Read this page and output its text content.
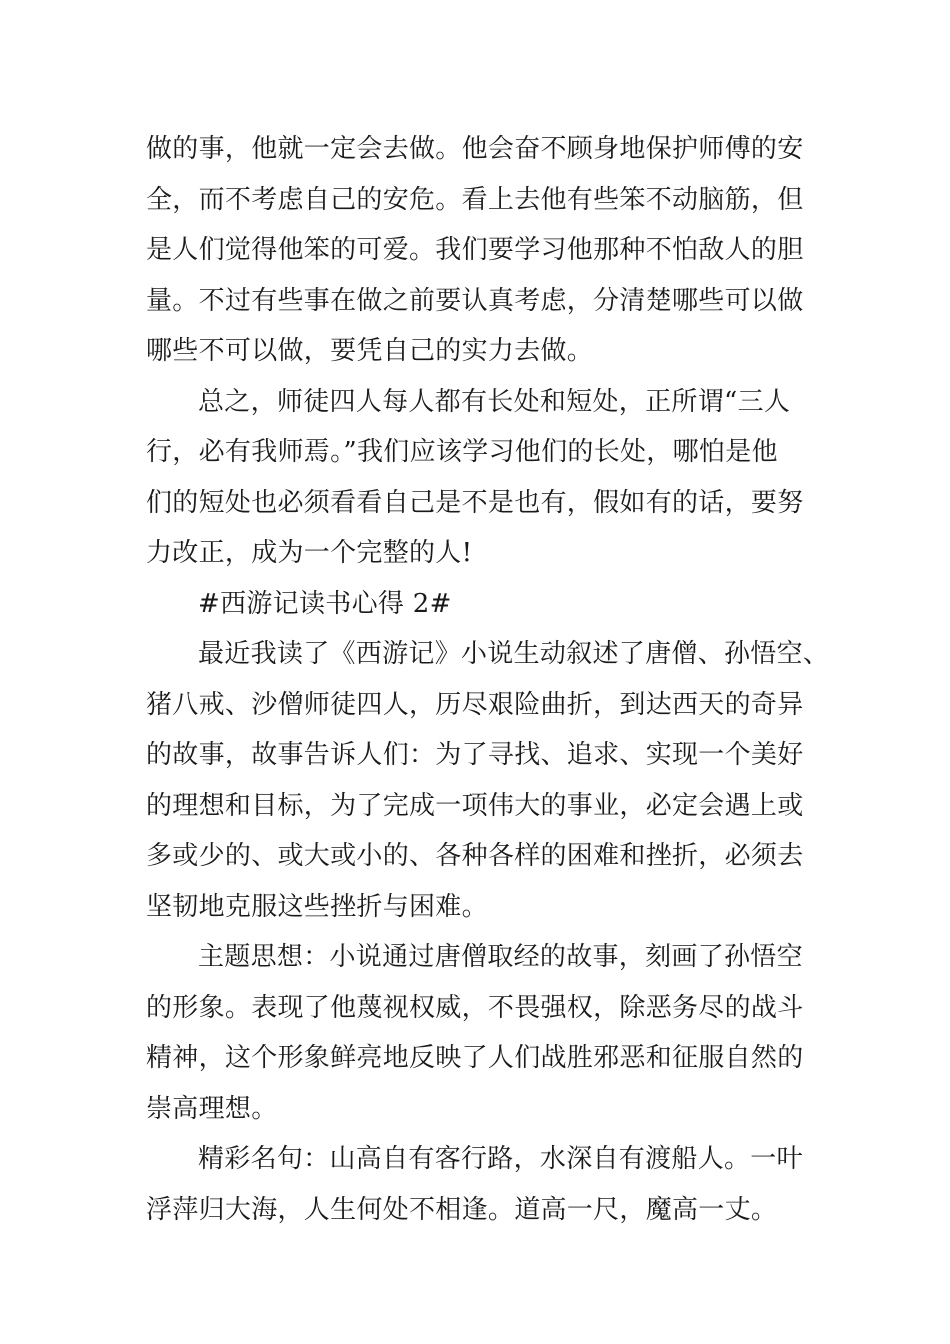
做的事，他就一定会去做。他会奋不顾身地保护师傅的安
全，而不考虑自己的安危。看上去他有些笨不动脑筋，但
是人们觉得他笨的可爱。我们要学习他那种不怕敌人的胆
量。不过有些事在做之前要认真考虑，分清楚哪些可以做
哪些不可以做，要凭自己的实力去做。
总之，师徒四人每人都有长处和短处，正所谓“三人
行，必有我师焉。”我们应该学习他们的长处，哪怕是他
们的短处也必须看看自己是不是也有，假如有的话，要努
力改正，成为一个完整的人!
#西游记读书心得 2#
最近我读了《西游记》小说生动叙述了唐僧、孙悟空、
猪八戒、沙僧师徒四人，历尽艰险曲折，到达西天的奇异
的故事，故事告诉人们：为了寻找、追求、实现一个美好
的理想和目标，为了完成一项伟大的事业，必定会遇上或
多或少的、或大或小的、各种各样的困难和挫折，必须去
坚韧地克服这些挫折与困难。
主题思想：小说通过唐僧取经的故事，刻画了孙悟空
的形象。表现了他蔑视权威，不畏强权，除恶务尽的战斗
精神，这个形象鲜亮地反映了人们战胜邪恶和征服自然的
崇高理想。
精彩名句：山高自有客行路，水深自有渡船人。一叶
浮萍归大海，人生何处不相逢。道高一尺，魔高一丈。
